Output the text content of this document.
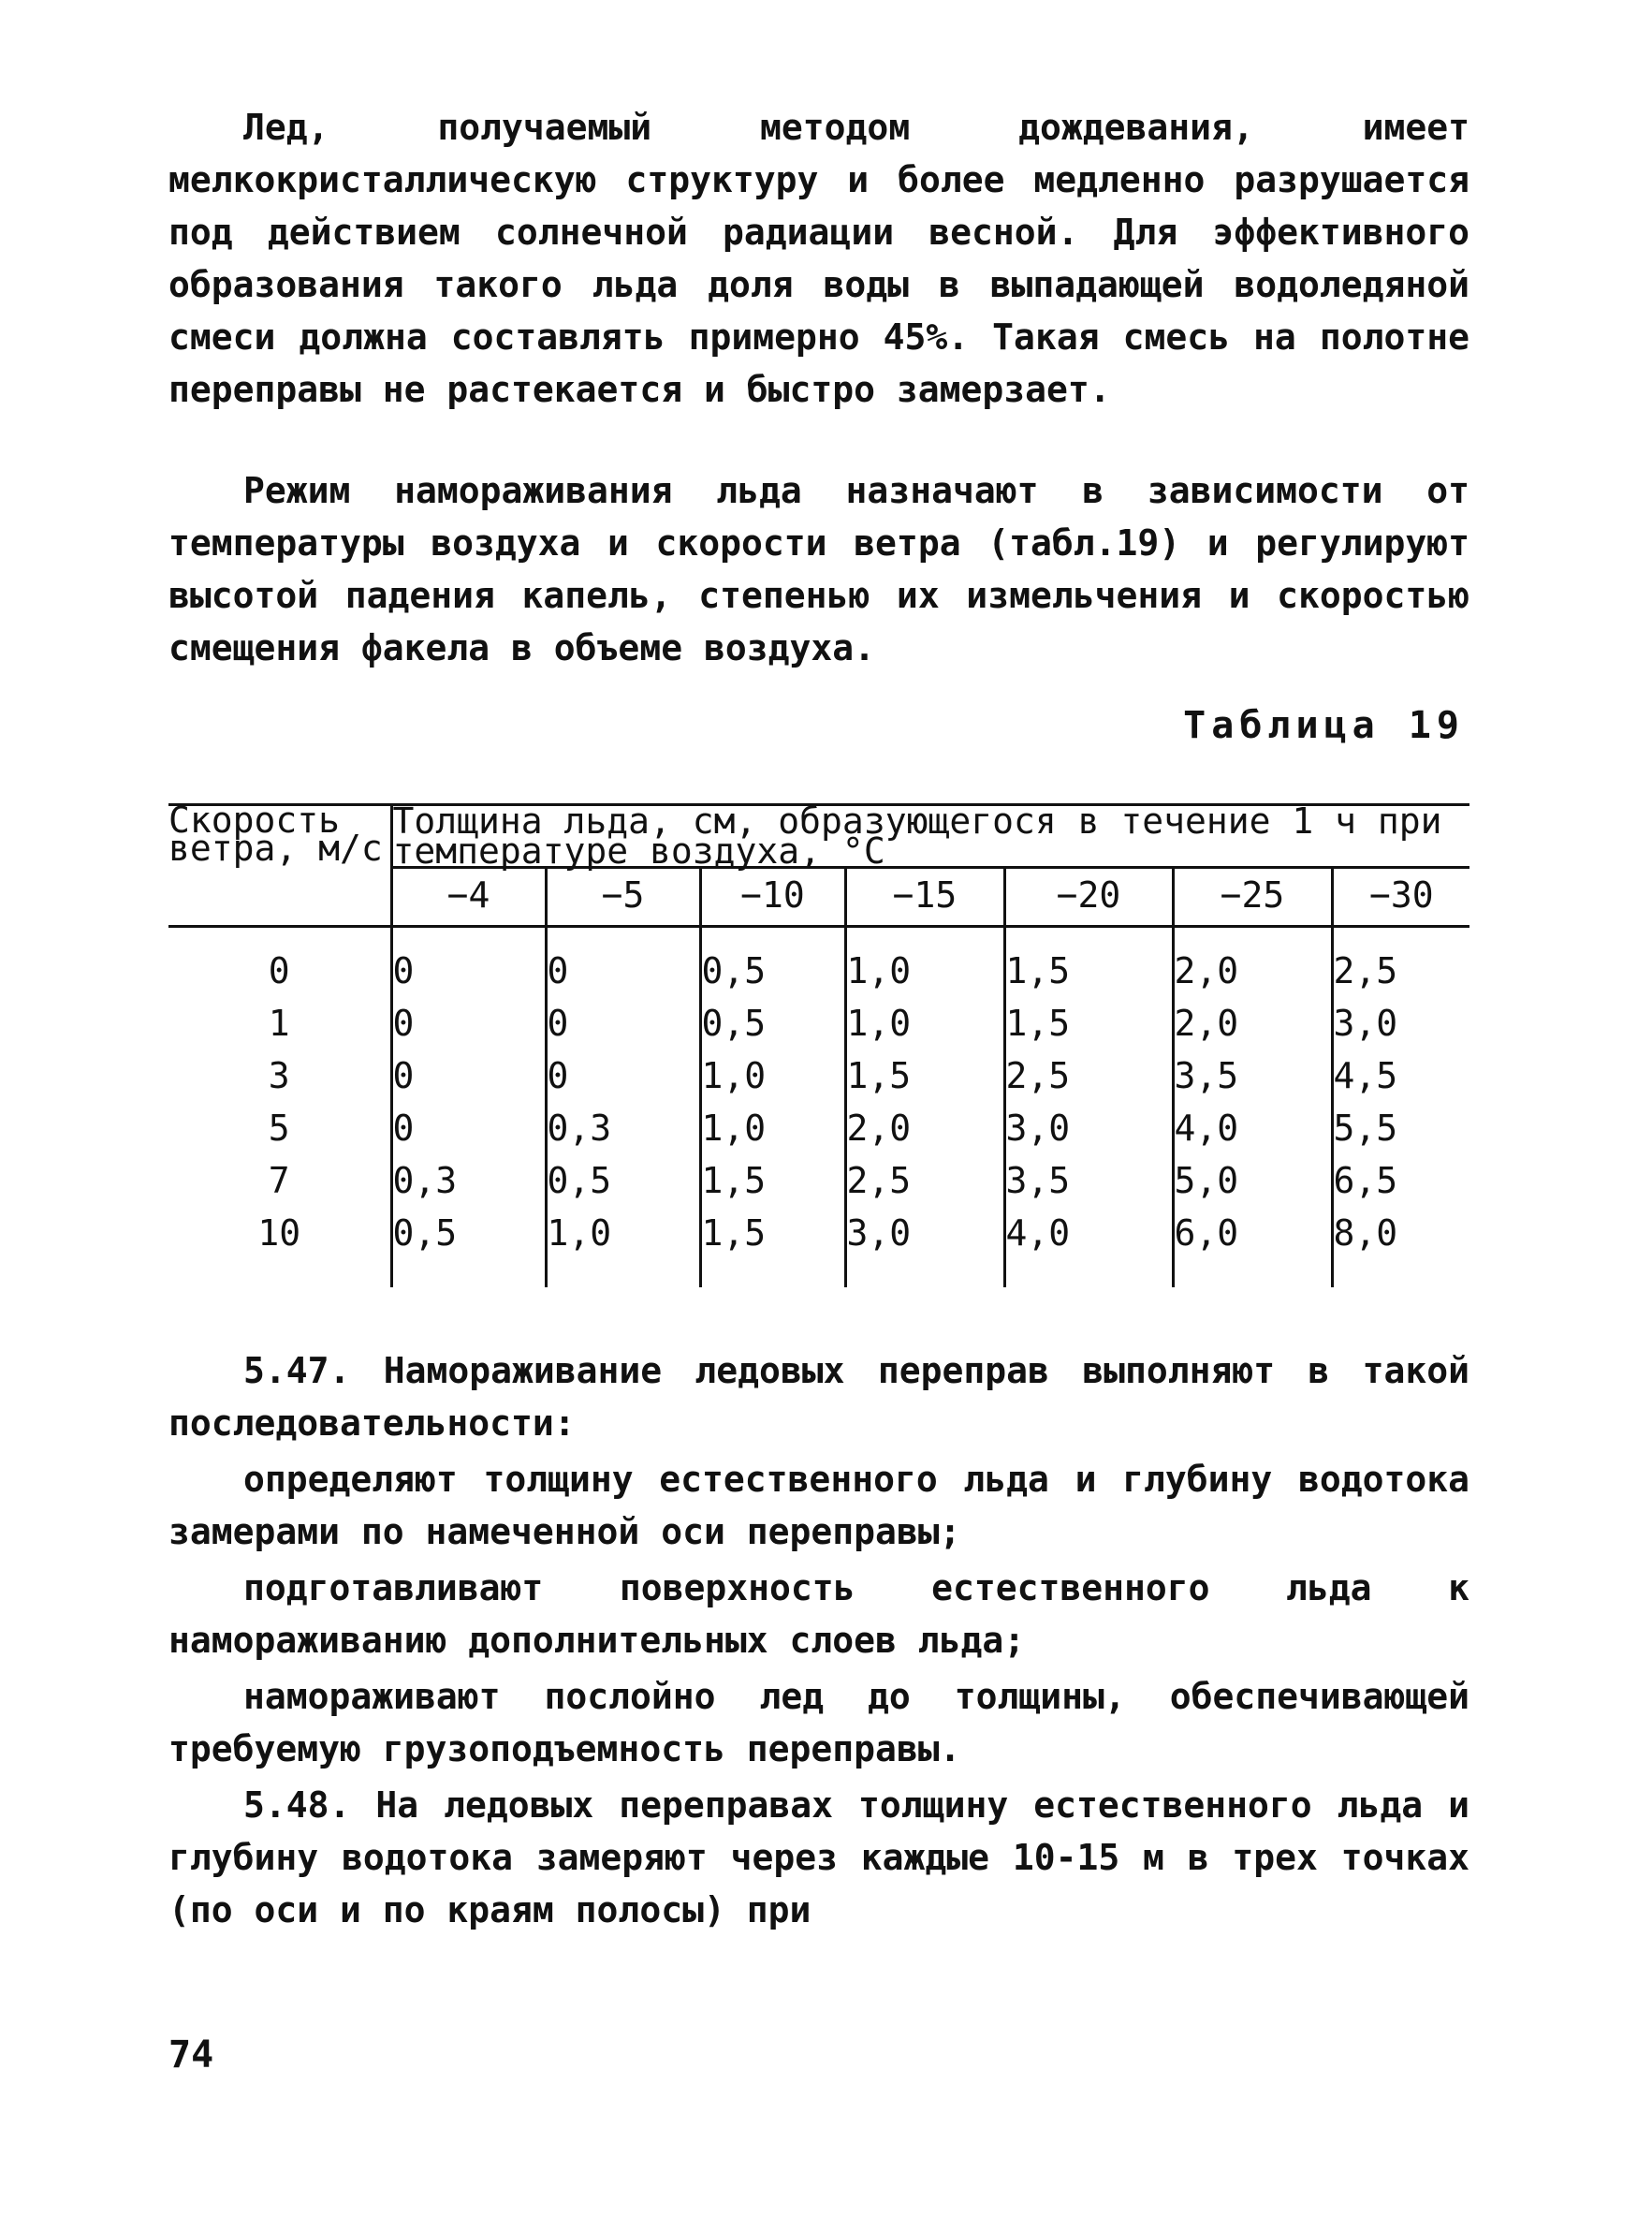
Лед, получаемый методом дождевания, имеет мелкокристаллическую структуру и более медленно разрушается под действием солнечной радиации весной. Для эффективного образования такого льда доля воды в выпадающей водоледяной смеси должна составлять примерно 45%. Такая смесь на полотне переправы не растекается и быстро замерзает.

Режим намораживания льда назначают в зависимости от температуры воздуха и скорости ветра (табл.19) и регулируют высотой падения капель, степенью их измельчения и скоростью смещения факела в объеме воздуха.

Таблица 19
Скорость ветра, м/с	Толщина льда, см, образующегося в течение 1 ч при температуре воздуха, °C						
	−4	−5	−10	−15	−20	−25	−30
0	0	0	0,5	1,0	1,5	2,0	2,5
1	0	0	0,5	1,0	1,5	2,0	3,0
3	0	0	1,0	1,5	2,5	3,5	4,5
5	0	0,3	1,0	2,0	3,0	4,0	5,5
7	0,3	0,5	1,5	2,5	3,5	5,0	6,5
10	0,5	1,0	1,5	3,0	4,0	6,0	8,0

5.47. Намораживание ледовых переправ выполняют в такой последовательности:

определяют толщину естественного льда и глубину водотока замерами по намеченной оси переправы;

подготавливают поверхность естественного льда к намораживанию дополнительных слоев льда;

намораживают послойно лед до толщины, обеспечивающей требуемую грузоподъемность переправы.

5.48. На ледовых переправах толщину естественного льда и глубину водотока замеряют через каждые 10-15 м в трех точках (по оси и по краям полосы) при

74
